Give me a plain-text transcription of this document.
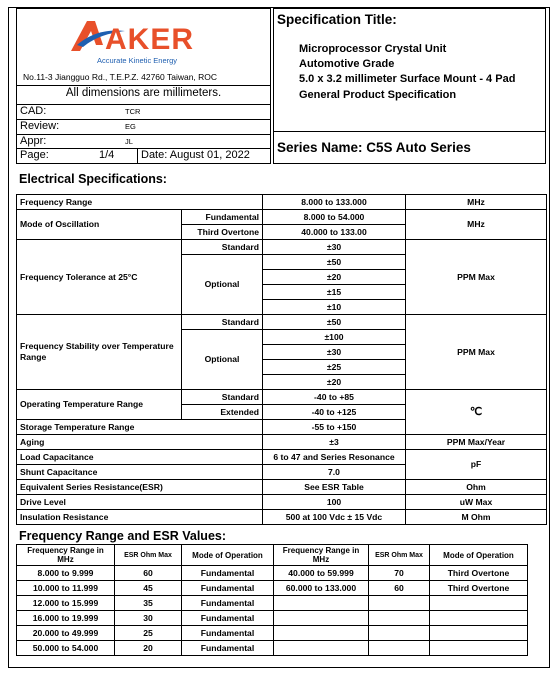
AKER
Accurate Kinetic Energy
No.11-3 Jiangguo Rd., T.E.P.Z. 42760 Taiwan, ROC
All dimensions are millimeters.
CAD:	TCR
Review:	EG
Appr:	JL
Page:	1/4 Date: August 01, 2022
Specification Title:
Microprocessor Crystal Unit
Automotive Grade
5.0 x 3.2 millimeter Surface Mount - 4 Pad
General Product Specification
Series Name: C5S Auto Series
Electrical Specifications:
Frequency Range		8.000 to 133.000	MHz
Mode of Oscillation	Fundamental	8.000 to 54.000	MHz
	Third Overtone	40.000 to 133.00	
Frequency Tolerance at 25°C	Standard	±30	PPM Max
	Optional	±50	
		±20	
		±15	
		±10	
Frequency Stability over Temperature Range	Standard	±50	PPM Max
	Optional	±100	
		±30	
		±25	
		±20	
Operating Temperature Range	Standard	-40 to +85	℃
	Extended	-40 to +125	
Storage Temperature Range		-55 to +150	
Aging		±3	PPM Max/Year
Load Capacitance		6 to 47 and Series Resonance	pF
Shunt Capacitance		7.0	
Equivalent Series Resistance(ESR)		See ESR Table	Ohm
Drive Level		100	uW Max
Insulation Resistance		500 at 100 Vdc ± 15 Vdc	M Ohm
Frequency Range and ESR Values:
Frequency Range in MHz	ESR Ohm Max	Mode of Operation	Frequency Range in MHz	ESR Ohm Max	Mode of Operation
8.000 to 9.999	60	Fundamental	40.000 to 59.999	70	Third Overtone
10.000 to 11.999	45	Fundamental	60.000 to 133.000	60	Third Overtone
12.000 to 15.999	35	Fundamental			
16.000 to 19.999	30	Fundamental			
20.000 to 49.999	25	Fundamental			
50.000 to 54.000	20	Fundamental			
